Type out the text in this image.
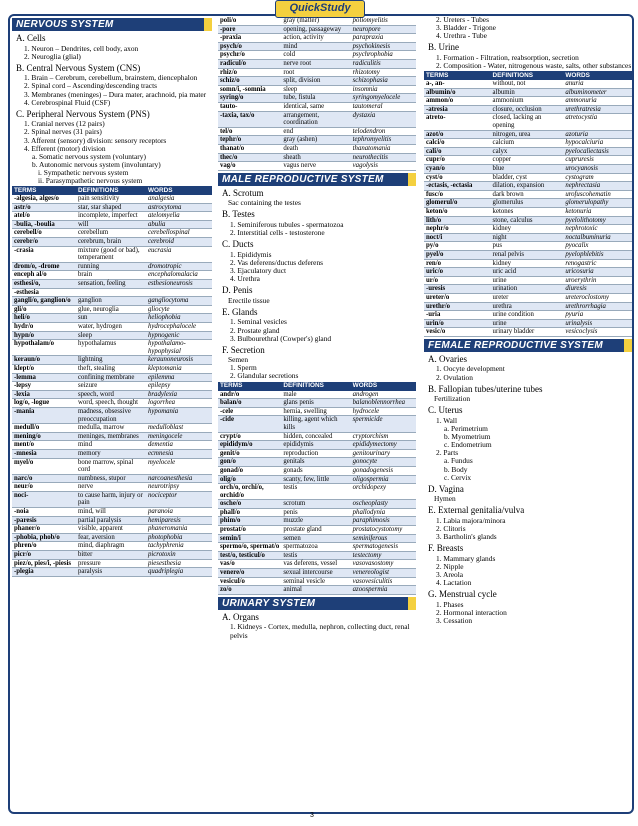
QuickStudy
NERVOUS SYSTEM
A. Cells
1. Neuron – Dendrites, cell body, axon
2. Neuroglia (glial)
B. Central Nervous System (CNS)
1. Brain – Cerebrum, cerebellum, brainstem, diencephalon
2. Spinal cord – Ascending/descending tracts
3. Membranes (meninges) – Dura mater, arachnoid, pia mater
4. Cerebrospinal Fluid (CSF)
C. Peripheral Nervous System (PNS)
1. Cranial nerves (12 pairs)
2. Spinal nerves (31 pairs)
3. Afferent (sensory) division: sensory receptors
4. Efferent (motor) division
a. Somatic nervous system (voluntary)
b. Autonomic nervous system (involuntary)
i. Sympathetic nervous system
ii. Parasympathetic nervous system
TERMS	DEFINITIONS	WORDS
-algesia, alges/o	pain sensitivity	analgesia
astr/o	star, star shaped	astrocytoma
atel/o	incomplete, imperfect	atelomyelia
-bulia, -boulia	will	abulia
cerebell/o	cerebellum	cerebellospinal
cerebr/o	cerebrum, brain	cerebroid
-crasia	mixture (good or bad), temperament	eucrasia
drom/o, -drome	running	dromotropic
enceph al/o	brain	encephalomalacia
esthesi/o,	sensation, feeling	esthesioneurosis
-esthesia		
gangli/o, ganglion/o	ganglion	gangliocytoma
gli/o	glue, neuroglia	gliocyte
heli/o	sun	heliophobia
hydr/o	water, hydrogen	hydrocephalocele
hypn/o	sleep	hypnogenic
hypothalam/o	hypothalamus	hypothalamo-hypophysial
keraun/o	lightning	keraunoneurosis
klept/o	theft, stealing	kleptomania
-lemma	confining membrane	epilemma
-lepsy	seizure	epilepsy
-lexia	speech, word	bradylexia
log/o, -logue	word, speech, thought	logorrhea
-mania	madness, obsessive preoccupation	hypomania
medull/o	medulla, marrow	medulloblast
mening/o	meninges, membranes	meningocele
ment/o	mind	dementia
-mnesia	memory	ecmnesia
myel/o	bone marrow, spinal cord	myelocele
narc/o	numbness, stupor	narcoanesthesia
neur/o	nerve	neurotripsy
noci-	to cause harm, injury or pain	nociceptor
-noia	mind, will	paranoia
-paresis	partial paralysis	hemiparesis
phaner/o	visible, apparent	phaneromania
-phobia, phob/o	fear, aversion	photophobia
phren/o	mind, diaphragm	tachyphrenia
picr/o	bitter	picrotoxin
piez/o, pies/i, -piesis	pressure	piesesthesia
-plegia	paralysis	quadriplegia
poli/o	gray (matter)	poliomyelitis
-pore	opening, passageway	neuropore
-praxia	action, activity	parapraxia
psych/o	mind	psychokinesis
psychr/o	cold	psychrophobia
radicul/o	nerve root	radiculitis
rhiz/o	root	rhizotomy
schiz/o	split, division	schizophasia
somn/i, -somnia	sleep	insomnia
syring/o	tube, fistula	syringomyelocele
tauto-	identical, same	tautomeral
-taxia, tax/o	arrangement, coordination	dystaxia
tel/o	end	telodendron
tephr/o	gray (ashen)	tephromyelitis
thanat/o	death	thanatomania
thec/o	sheath	neurothecitis
vag/o	vagus nerve	vagolysis
MALE REPRODUCTIVE SYSTEM
A. Scrotum
Sac containing the testes
B. Testes
1. Seminiferous tubules - spermatozoa
2. Interstitial cells - testosterone
C. Ducts
1. Epididymis
2. Vas deferens/ductus deferens
3. Ejaculatory duct
4. Urethra
D. Penis
Erectile tissue
E. Glands
1. Seminal vesicles
2. Prostate gland
3. Bulbourethral (Cowper's) gland
F. Secretion
Semen
1. Sperm
2. Glandular secretions
TERMS	DEFINITIONS	WORDS
andr/o	male	androgen
balan/o	glans penis	balanoblennorrhea
-cele	hernia, swelling	hydrocele
-cide	killing, agent which kills	spermicide
crypt/o	hidden, concealed	cryptorchism
epididym/o	epididymis	epididymectomy
genit/o	reproduction	genitourinary
gon/o	genitals	gonocyte
gonad/o	gonads	gonadogenesis
olig/o	scanty, few, little	oligospermia
orch/o, orchi/o, orchid/o	testis	orchidopexy
osche/o	scrotum	oscheoplasty
phall/o	penis	phallodynia
phim/o	muzzle	paraphimosis
prostat/o	prostate gland	prostatocystotomy
semin/i	semen	seminiferous
spermo/o, spermat/o	spermatozoa	spermatogenesis
test/o, testicul/o	testis	testectomy
vas/o	vas deferens, vessel	vasovasostomy
venere/o	sexual intercourse	venereologist
vesicul/o	seminal vesicle	vasovesiculitis
zo/o	animal	azoospermia
URINARY SYSTEM
A. Organs
1. Kidneys - Cortex, medulla, nephron, collecting duct, renal pelvis
2. Ureters - Tubes
3. Bladder - Trigone
4. Urethra - Tube
B. Urine
1. Formation - Filtration, reabsorption, secretion
2. Composition - Water, nitrogenous waste, salts, other substances
TERMS	DEFINITIONS	WORDS
a-, an-	without, not	anuria
albumin/o	albumin	albuminometer
ammon/o	ammonium	ammonuria
-atresia	closure, occlusion	urethratresia
atreto-	closed, lacking an opening	atretocystia
azot/o	nitrogen, urea	azoturia
calci/o	calcium	hypocalciuria
cali/o	calyx	pyelocaliectasis
cupr/o	copper	cupruresis
cyan/o	blue	urocyanosis
cyst/o	bladder, cyst	cystogram
-ectasis, -ectasia	dilation, expansion	nephrectasia
fusc/o	dark brown	urofuscohematin
glomerul/o	glomerulus	glomerulopathy
keton/o	ketones	ketonuria
lith/o	stone, calculus	pyelolithotomy
nephr/o	kidney	nephrotoxic
noct/i	night	noctalbuminuria
py/o	pus	pyocalix
pyel/o	renal pelvis	pyelophlebitis
ren/o	kidney	renogastric
uric/o	uric acid	uricosuria
ur/o	urine	uroerythrin
-uresis	urination	diuresis
ureter/o	ureter	ureteroclostomy
urethr/o	urethra	urethrorrhagia
-uria	urine condition	pyuria
urin/o	urine	urinalysis
vesic/o	urinary bladder	vesicoclysis
FEMALE REPRODUCTIVE SYSTEM
A. Ovaries
1. Oocyte development
2. Ovulation
B. Fallopian tubes/uterine tubes
Fertilization
C. Uterus
1. Wall
a. Perimetrium
b. Myometrium
c. Endometrium
2. Parts
a. Fundus
b. Body
c. Cervix
D. Vagina
Hymen
E. External genitalia/vulva
1. Labia majora/minora
2. Clitoris
3. Bartholin's glands
F. Breasts
1. Mammary glands
2. Nipple
3. Areola
4. Lactation
G. Menstrual cycle
1. Phases
2. Hormonal interaction
3. Cessation
3
